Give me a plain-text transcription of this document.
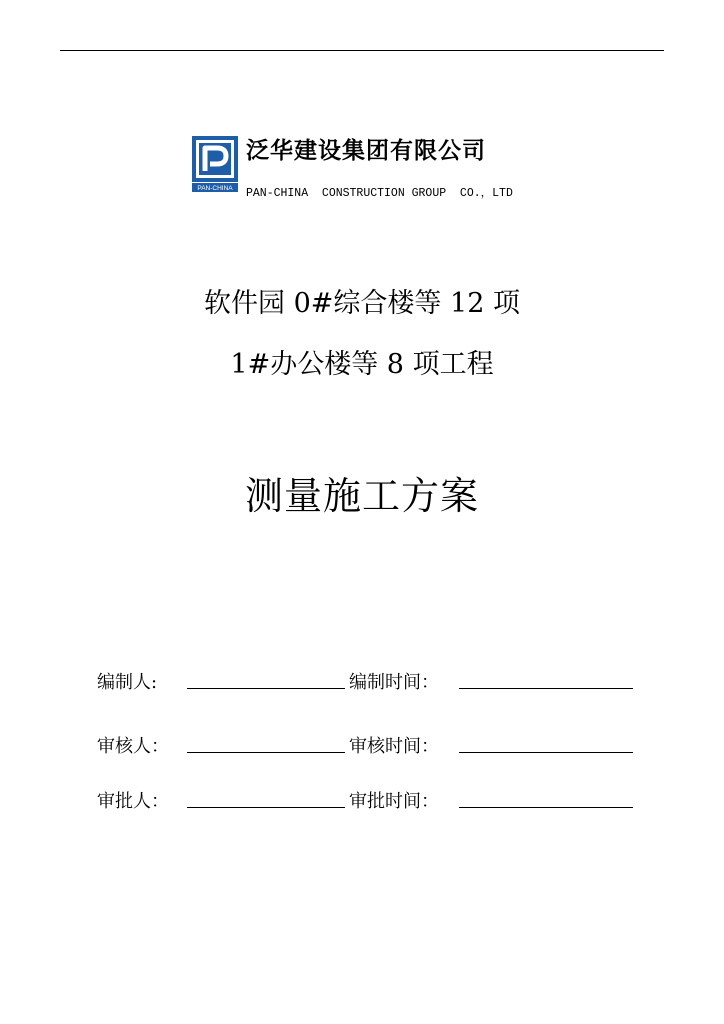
PAN-CHINA
泛华建设集团有限公司
PAN-CHINA  CONSTRUCTION GROUP  CO.，LTD
软件园 0#综合楼等 12 项
1#办公楼等 8 项工程
测量施工方案
编制人:	编制时间：
审核人：	审核时间：
审批人：	审批时间：
